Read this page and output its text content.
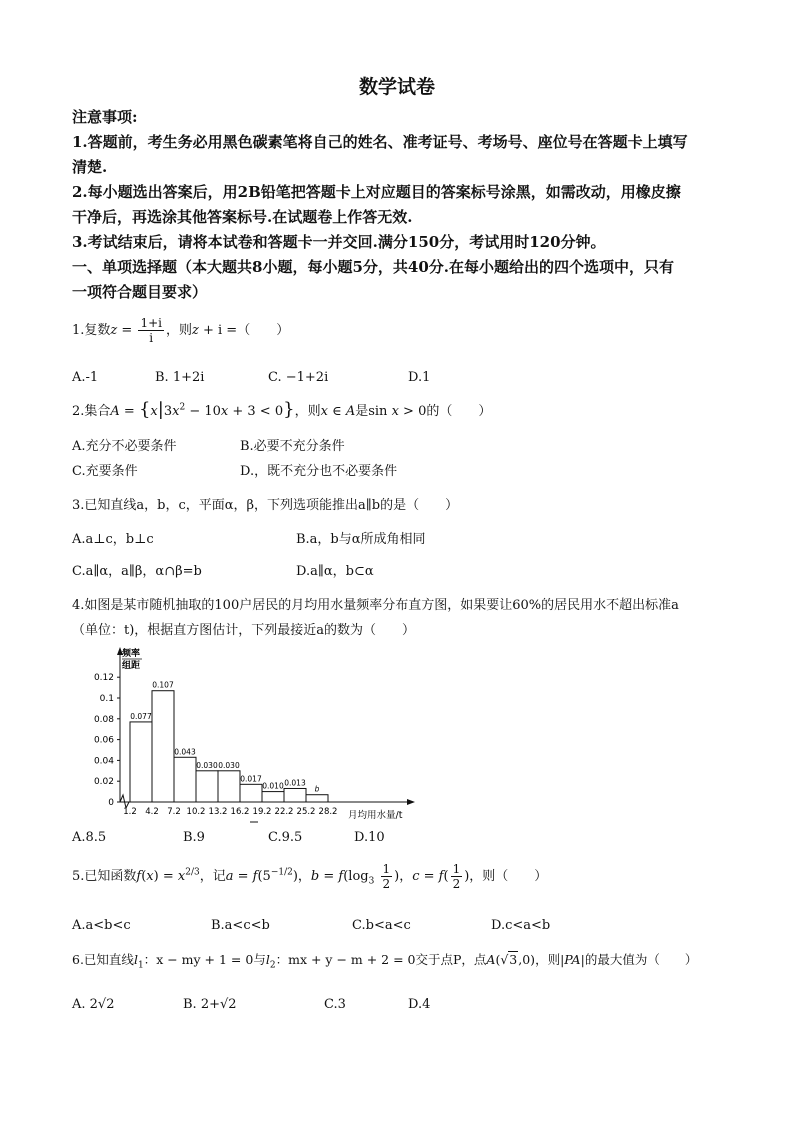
数学试卷
注意事项:
1.答题前，考生务必用黑色碳素笔将自己的姓名、准考证号、考场号、座位号在答题卡上填写
清楚.
2.每小题选出答案后，用2B铅笔把答题卡上对应题目的答案标号涂黑，如需改动，用橡皮擦
干净后，再选涂其他答案标号.在试题卷上作答无效.
3.考试结束后，请将本试卷和答题卡一并交回.满分150分，考试用时120分钟。
一、单项选择题（本大题共8小题，每小题5分，共40分.在每小题给出的四个选项中，只有
一项符合题目要求）
1.复数$z = \frac{1+i}{i}$ ，则z + i =（　　）
A.-1	B. 1+2i	C. −1+2i	D.1
2.集合$A = \{x|3x^2 - 10x + 3 < 0\}$，则x ∈ A是sin x > 0的（　　）
A.充分不必要条件	B.必要不充分条件
C.充要条件	D.，既不充分也不必要条件
3.已知直线a，b，c，平面α，β，下列选项能推出a∥b的是（　　）
A.a⊥c，b⊥c	B.a，b与α所成角相同
C.a∥α，a∥β，α∩β=b	D.a∥α，b⊂α
4.如图是某市随机抽取的100户居民的月均用水量频率分布直方图，如果要让60%的居民用水不超出标准a
（单位：t)，根据直方图估计，下列最接近a的数为（　　）
0
0.02
0.04
0.06
0.08
0.1
0.12
1.2 4.2 7.2 10.2 13.2 16.2 19.2 22.2 25.2 28.2
0.077
0.107
0.043
0.030 0.030
0.017
0.010 0.013
b
频率
组距
月均用水量/t
A.8.5	B.9	C.9.5	D.10
5.已知函数$f(x) = x^{2/3}$，记$a = f(5^{-1/2})$，$b = f(\log_3 \frac{1}{2}$ )，$c = f( \frac{1}{2}$ )，则（　　）
A.a<b<c	B.a<c<b	C.b<a<c	D.c<a<b
6.已知直线$l_1$：x − my + 1 = 0与$l_2$：mx + y − m + 2 = 0交于点P，点A(√3,0)，则|PA|的最大值为（　　）
A. 2√2	B. 2+√2	C.3	D.4
